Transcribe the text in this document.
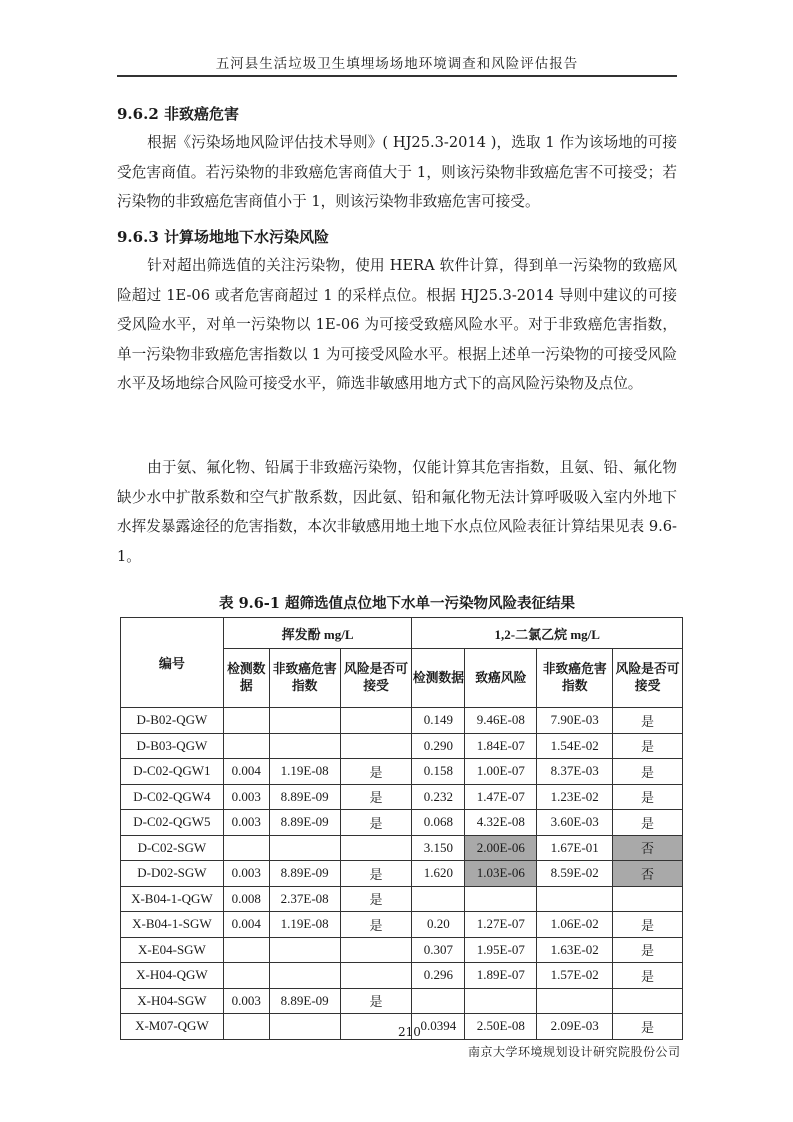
五河县生活垃圾卫生填埋场场地环境调查和风险评估报告
9.6.2 非致癌危害
根据《污染场地风险评估技术导则》( HJ25.3-2014 )，选取 1 作为该场地的可接受危害商值。若污染物的非致癌危害商值大于 1，则该污染物非致癌危害不可接受；若污染物的非致癌危害商值小于 1，则该污染物非致癌危害可接受。
9.6.3 计算场地地下水污染风险
针对超出筛选值的关注污染物，使用 HERA 软件计算，得到单一污染物的致癌风险超过 1E-06 或者危害商超过 1 的采样点位。根据 HJ25.3-2014 导则中建议的可接受风险水平，对单一污染物以 1E-06 为可接受致癌风险水平。对于非致癌危害指数，单一污染物非致癌危害指数以 1 为可接受风险水平。根据上述单一污染物的可接受风险水平及场地综合风险可接受水平，筛选非敏感用地方式下的高风险污染物及点位。
由于氨、氟化物、铅属于非致癌污染物，仅能计算其危害指数，且氨、铅、氟化物缺少水中扩散系数和空气扩散系数，因此氨、铅和氟化物无法计算呼吸吸入室内外地下水挥发暴露途径的危害指数，本次非敏感用地土地下水点位风险表征计算结果见表 9.6-1。
表 9.6-1 超筛选值点位地下水单一污染物风险表征结果
编号	挥发酚 mg/L			1,2-二氯乙烷 mg/L			
	检测数据	非致癌危害指数	风险是否可接受	检测数据	致癌风险	非致癌危害指数	风险是否可接受
D-B02-QGW				0.149	9.46E-08	7.90E-03	是
D-B03-QGW				0.290	1.84E-07	1.54E-02	是
D-C02-QGW1	0.004	1.19E-08	是	0.158	1.00E-07	8.37E-03	是
D-C02-QGW4	0.003	8.89E-09	是	0.232	1.47E-07	1.23E-02	是
D-C02-QGW5	0.003	8.89E-09	是	0.068	4.32E-08	3.60E-03	是
D-C02-SGW				3.150	2.00E-06	1.67E-01	否
D-D02-SGW	0.003	8.89E-09	是	1.620	1.03E-06	8.59E-02	否
X-B04-1-QGW	0.008	2.37E-08	是				
X-B04-1-SGW	0.004	1.19E-08	是	0.20	1.27E-07	1.06E-02	是
X-E04-SGW				0.307	1.95E-07	1.63E-02	是
X-H04-QGW				0.296	1.89E-07	1.57E-02	是
X-H04-SGW	0.003	8.89E-09	是				
X-M07-QGW				0.0394	2.50E-08	2.09E-03	是
210
南京大学环境规划设计研究院股份公司
